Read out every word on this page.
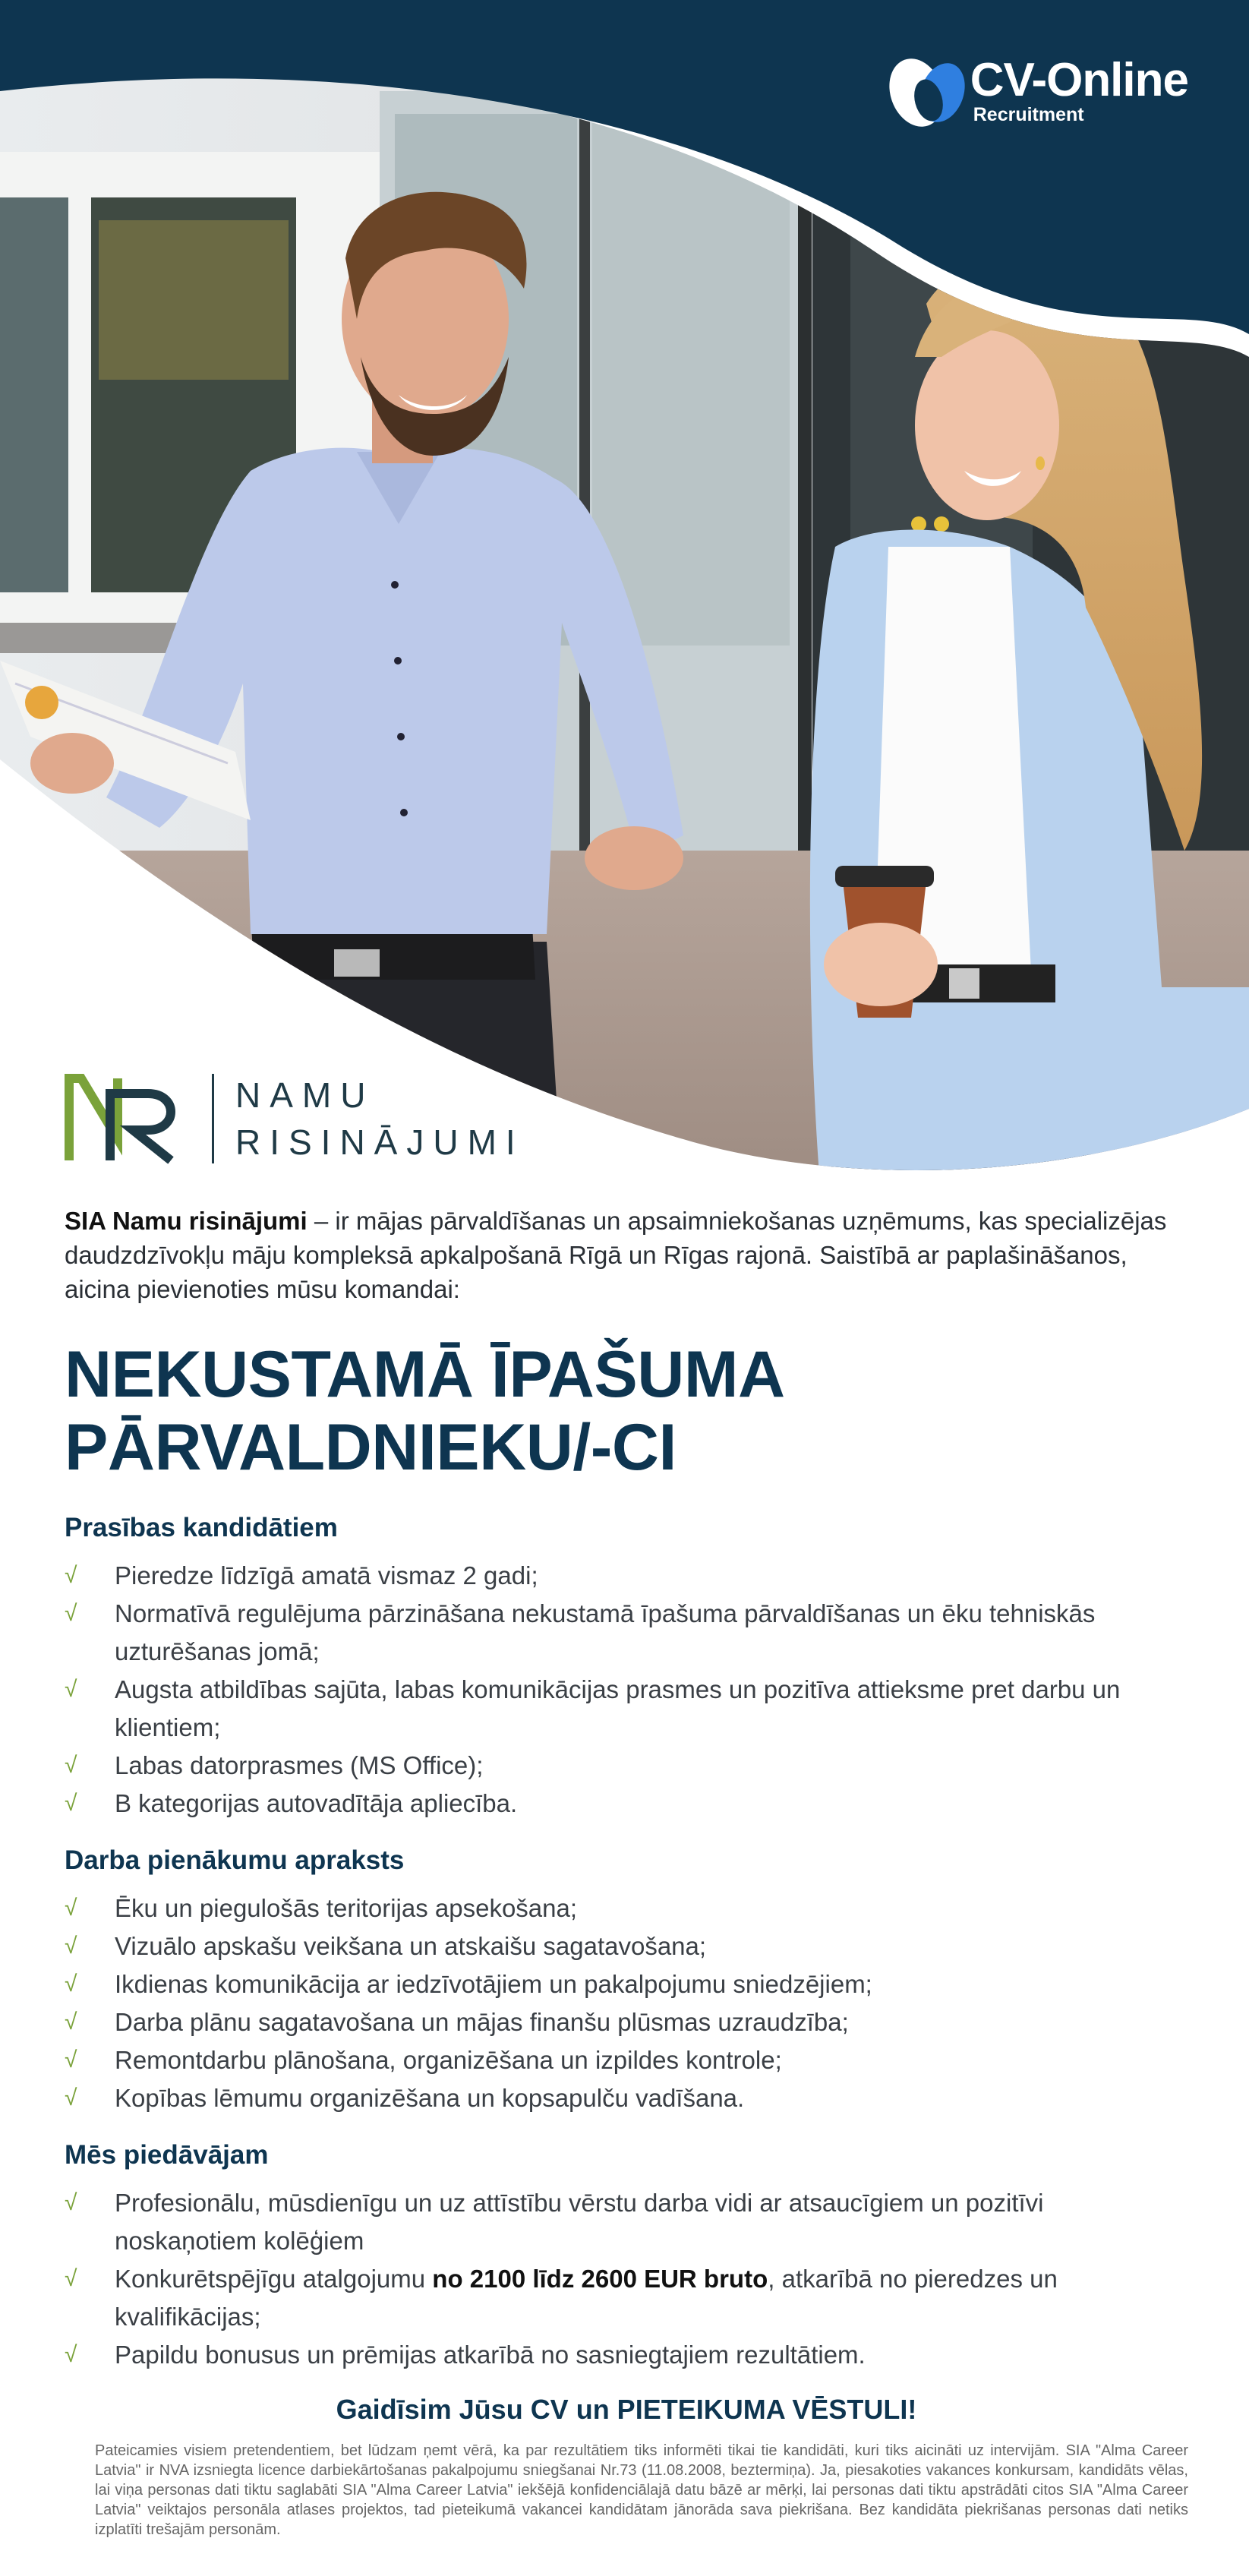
CV-Online
Recruitment
NAMU
RISINĀJUMI

SIA Namu risinājumi – ir mājas pārvaldīšanas un apsaimniekošanas uzņēmums, kas specializējas daudzdzīvokļu māju kompleksā apkalpošanā Rīgā un Rīgas rajonā. Saistībā ar paplašināšanos, aicina pievienoties mūsu komandai:

NEKUSTAMĀ ĪPAŠUMA
PĀRVALDNIEKU/-CI
Prasības kandidātiem
√ Pieredze līdzīgā amatā vismaz 2 gadi;
√ Normatīvā regulējuma pārzināšana nekustamā īpašuma pārvaldīšanas un ēku tehniskās uzturēšanas jomā;
√ Augsta atbildības sajūta, labas komunikācijas prasmes un pozitīva attieksme pret darbu un klientiem;
√ Labas datorprasmes (MS Office);
√ B kategorijas autovadītāja apliecība.
Darba pienākumu apraksts
√ Ēku un piegulošās teritorijas apsekošana;
√ Vizuālo apskašu veikšana un atskaišu sagatavošana;
√ Ikdienas komunikācija ar iedzīvotājiem un pakalpojumu sniedzējiem;
√ Darba plānu sagatavošana un mājas finanšu plūsmas uzraudzība;
√ Remontdarbu plānošana, organizēšana un izpildes kontrole;
√ Kopības lēmumu organizēšana un kopsapulču vadīšana.
Mēs piedāvājam
√ Profesionālu, mūsdienīgu un uz attīstību vērstu darba vidi ar atsaucīgiem un pozitīvi noskaņotiem kolēģiem
√ Konkurētspējīgu atalgojumu no 2100 līdz 2600 EUR bruto, atkarībā no pieredzes un kvalifikācijas;
√ Papildu bonusus un prēmijas atkarībā no sasniegtajiem rezultātiem.
Gaidīsim Jūsu CV un PIETEIKUMA VĒSTULI!

Pateicamies visiem pretendentiem, bet lūdzam ņemt vērā, ka par rezultātiem tiks informēti tikai tie kandidāti, kuri tiks aicināti uz intervijām. SIA "Alma Career Latvia" ir NVA izsniegta licence darbiekārtošanas pakalpojumu sniegšanai Nr.73 (11.08.2008, beztermiņa). Ja, piesakoties vakances konkursam, kandidāts vēlas, lai viņa personas dati tiktu saglabāti SIA "Alma Career Latvia" iekšējā konfidenciālajā datu bāzē ar mērķi, lai personas dati tiktu apstrādāti citos SIA "Alma Career Latvia" veiktajos personāla atlases projektos, tad pieteikumā vakancei kandidātam jānorāda sava piekrišana. Bez kandidāta piekrišanas personas dati netiks izplatīti trešajām personām.
